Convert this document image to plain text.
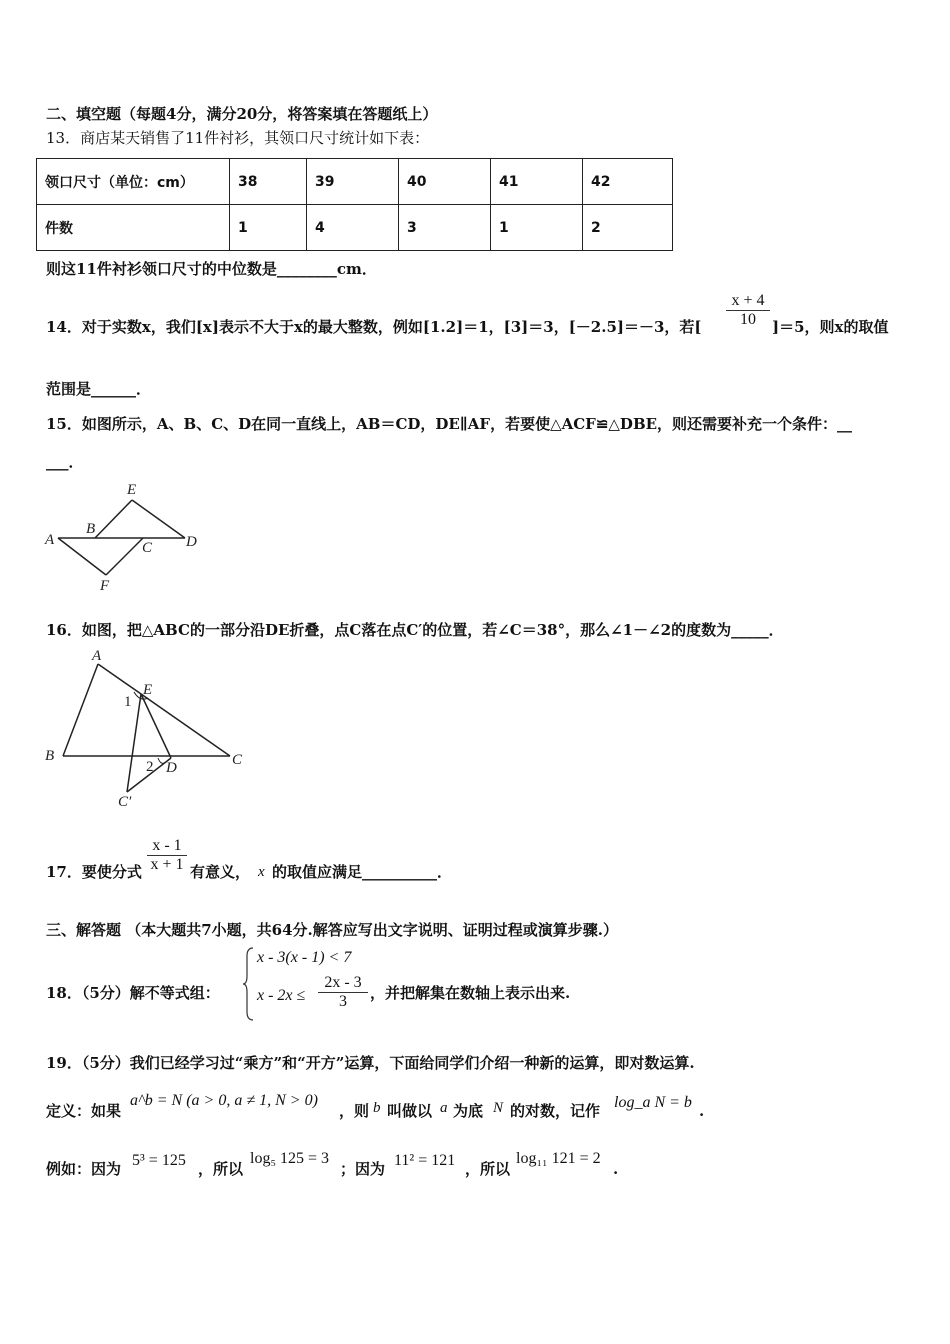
二、填空题（每题4分，满分20分，将答案填在答题纸上）
13．商店某天销售了11件衬衫，其领口尺寸统计如下表：
领口尺寸（单位：cm）	38	39	40	41	42
件数	1	4	3	1	2
则这11件衬衫领口尺寸的中位数是________cm．
14．对于实数x，我们[x]表示不大于x的最大整数，例如[1.2]＝1，[3]＝3，[－2.5]＝－3，若[ $\frac{x + 4}{10} ]=5$，则x的取值
范围是______．
15．如图所示，A、B、C、D在同一直线上，AB＝CD，DE∥AF，若要使△ACF≌△DBE，则还需要补充一个条件：__
___．
A
B
C D
E
F
16．如图，把△ABC的一部分沿DE折叠，点C落在点C′的位置，若∠C＝38°，那么∠1－∠2的度数为_____．
A
B	C
D
E
C′
1
2
17．要使分式 $\frac{x - 1}{x + 1}$ 有意义， x 的取值应满足__________．
三、解答题 （本大题共7小题，共64分.解答应写出文字说明、证明过程或演算步骤.）
18．（5分）解不等式组：
x - 3(x - 1) < 7
$x - 2x \le \frac{2x - 3}{3}$ ，并把解集在数轴上表示出来.
19．（5分）我们已经学习过“乘方”和“开方”运算，下面给同学们介绍一种新的运算，即对数运算.
定义：如果
a^b = N (a > 0, a ≠ 1, N > 0)
，则 b 叫做以 a 为底 N 的对数，记作 log_a N = b .
例如：因为 5³ = 125 ，所以
log₅ 125 = 3
；因为 11² = 121 ，所以
log₁₁ 121 = 2
.
